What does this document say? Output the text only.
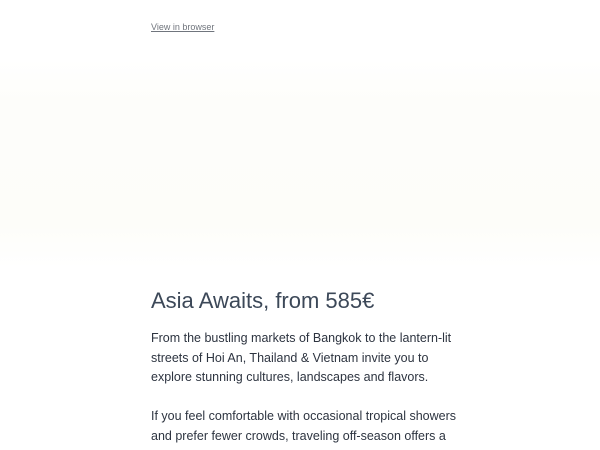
View in browser
Asia Awaits, from 585€

From the bustling markets of Bangkok to the lantern-lit streets of Hoi An, Thailand & Vietnam invite you to explore stunning cultures, landscapes and flavors.

If you feel comfortable with occasional tropical showers and prefer fewer crowds, traveling off-season offers a
